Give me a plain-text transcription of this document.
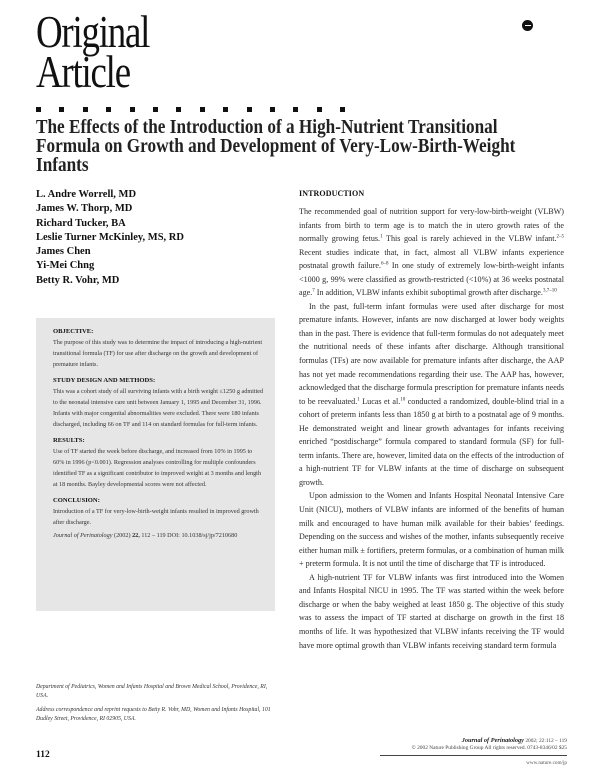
Original
Article
The Effects of the Introduction of a High-Nutrient Transitional Formula on Growth and Development of Very-Low-Birth-Weight Infants
L. Andre Worrell, MD
James W. Thorp, MD
Richard Tucker, BA
Leslie Turner McKinley, MS, RD
James Chen
Yi-Mei Chng
Betty R. Vohr, MD
OBJECTIVE:

The purpose of this study was to determine the impact of introducing a high-nutrient transitional formula (TF) for use after discharge on the growth and development of premature infants.

STUDY DESIGN AND METHODS:

This was a cohort study of all surviving infants with a birth weight ≤1250 g admitted to the neonatal intensive care unit between January 1, 1995 and December 31, 1996. Infants with major congenital abnormalities were excluded. There were 180 infants discharged, including 66 on TF and 114 on standard formulas for full-term infants.

RESULTS:

Use of TF started the week before discharge, and increased from 10% in 1995 to 60% in 1996 (p<0.001). Regression analyses controlling for multiple confounders identified TF as a significant contributor to improved weight at 3 months and length at 18 months. Bayley developmental scores were not affected.

CONCLUSION:

Introduction of a TF for very-low-birth-weight infants resulted in improved growth after discharge.

Journal of Perinatology (2002) 22, 112 – 119 DOI: 10.1038/sj/jp/7210680

Department of Pediatrics, Women and Infants Hospital and Brown Medical School, Providence, RI, USA.

Address correspondence and reprint requests to Betty R. Vohr, MD, Women and Infants Hospital, 101 Dudley Street, Providence, RI 02905, USA.

112
INTRODUCTION

The recommended goal of nutrition support for very-low-birth-weight (VLBW) infants from birth to term age is to match the in utero growth rates of the normally growing fetus.$^1$ This goal is rarely achieved in the VLBW infant.$^{2-5}$ Recent studies indicate that, in fact, almost all VLBW infants experience postnatal growth failure.$^{6-8}$ In one study of extremely low-birth-weight infants <1000 g, 99% were classified as growth-restricted (<10%) at 36 weeks postnatal age.$^7$ In addition, VLBW infants exhibit suboptimal growth after discharge.$^{3,7-10}$

In the past, full-term infant formulas were used after discharge for most premature infants. However, infants are now discharged at lower body weights than in the past. There is evidence that full-term formulas do not adequately meet the nutritional needs of these infants after discharge. Although transitional formulas (TFs) are now available for premature infants after discharge, the AAP has not yet made recommendations regarding their use. The AAP has, however, acknowledged that the discharge formula prescription for premature infants needs to be reevaluated.$^1$ Lucas et al.$^{10}$ conducted a randomized, double-blind trial in a cohort of preterm infants less than 1850 g at birth to a postnatal age of 9 months. He demonstrated weight and linear growth advantages for infants receiving enriched “postdischarge” formula compared to standard formula (SF) for full-term infants. There are, however, limited data on the effects of the introduction of a high-nutrient TF for VLBW infants at the time of discharge on subsequent growth.

Upon admission to the Women and Infants Hospital Neonatal Intensive Care Unit (NICU), mothers of VLBW infants are informed of the benefits of human milk and encouraged to have human milk available for their babies’ feedings. Depending on the success and wishes of the mother, infants subsequently receive either human milk ± fortifiers, preterm formulas, or a combination of human milk + preterm formula. It is not until the time of discharge that TF is introduced.

A high-nutrient TF for VLBW infants was first introduced into the Women and Infants Hospital NICU in 1995. The TF was started within the week before discharge or when the baby weighed at least 1850 g. The objective of this study was to assess the impact of TF started at discharge on growth in the first 18 months of life. It was hypothesized that VLBW infants receiving the TF would have more optimal growth than VLBW infants receiving standard term formula

Journal of Perinatology 2002; 22:112 – 119
© 2002 Nature Publishing Group All rights reserved. 0743-8346/02 $25
www.nature.com/jp
